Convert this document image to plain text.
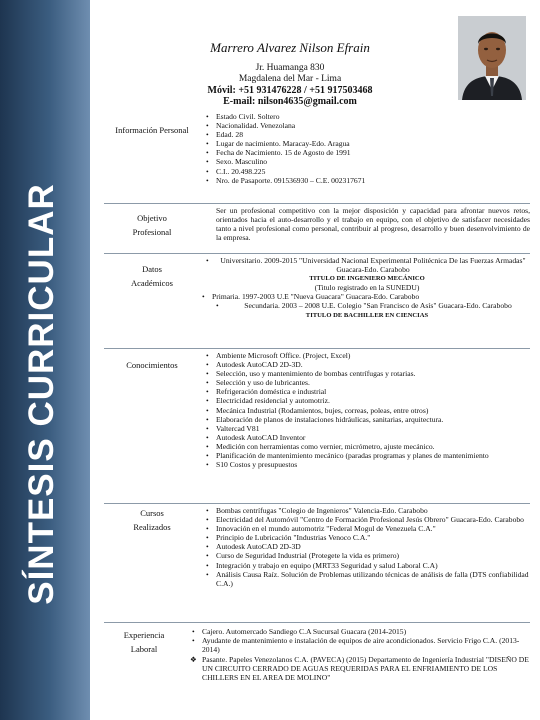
SÍNTESIS CURRICULAR
Marrero Alvarez Nilson Efrain
Jr. Huamanga 830
Magdalena del Mar - Lima
Móvil: +51 931476228 / +51 917503468
E-mail: nilson4635@gmail.com
Información Personal
• Estado Civil. Soltero
• Nacionalidad. Venezolana
• Edad. 28
• Lugar de nacimiento. Maracay-Edo. Aragua
• Fecha de Nacimiento. 15 de Agosto de 1991
• Sexo. Masculino
• C.I.. 20.498.225
• Nro. de Pasaporte. 091536930 – C.E. 002317671
Objetivo
Profesional
Ser un profesional competitivo con la mejor disposición y capacidad para afrontar nuevos retos, orientados hacia el auto-desarrollo y el trabajo en equipo, con el objetivo de satisfacer necesidades tanto a nivel profesional como personal, contribuir al progreso, desarrollo y buen desenvolvimiento de la empresa.
Datos
Académicos
• Universitario. 2009-2015 "Universidad Nacional Experimental Politécnica De las Fuerzas Armadas" Guacara-Edo. Carabobo
TITULO DE INGENIERO MECÁNICO
(Titulo registrado en la SUNEDU)
• Primaria. 1997-2003 U.E "Nueva Guacara" Guacara-Edo. Carabobo
• Secundaria. 2003 – 2008 U.E. Colegio "San Francisco de Asís" Guacara-Edo. Carabobo
TITULO DE BACHILLER EN CIENCIAS
Conocimientos
• Ambiente Microsoft Office. (Project, Excel)
• Autodesk AutoCAD 2D-3D.
• Selección, uso y mantenimiento de bombas centrífugas y rotarias.
• Selección y uso de lubricantes.
• Refrigeración doméstica e industrial
• Electricidad residencial y automotriz.
• Mecánica Industrial (Rodamientos, bujes, correas, poleas, entre otros)
• Elaboración de planos de instalaciones hidráulicas, sanitarias, arquitectura.
• Valtercad V81
• Autodesk AutoCAD Inventor
• Medición con herramientas como vernier, micrómetro, ajuste mecánico.
• Planificación de mantenimiento mecánico (paradas programas y planes de mantenimiento
• S10 Costos y presupuestos
Cursos
Realizados
• Bombas centrífugas "Colegio de Ingenieros" Valencia-Edo. Carabobo
• Electricidad del Automóvil "Centro de Formación Profesional Jesús Obrero" Guacara-Edo. Carabobo
• Innovación en el mundo automotriz "Federal Mogul de Venezuela C.A."
• Principio de Lubricación "Industrias Venoco C.A."
• Autodesk AutoCAD 2D-3D
• Curso de Seguridad Industrial (Protegete la vida es primero)
• Integración y trabajo en equipo (MRT33 Seguridad y salud Laboral C.A)
• Análisis Causa Raíz. Solución de Problemas utilizando técnicas de análisis de falla (DTS confiabilidad C.A.)
Experiencia
Laboral
• Cajero. Automercado Sandiego C.A Sucursal Guacara (2014-2015)
• Ayudante de mantenimiento e instalación de equipos de aire acondicionados. Servicio Frigo C.A. (2013-2014)
❖ Pasante. Papeles Venezolanos C.A. (PAVECA) (2015) Departamento de Ingeniería Industrial "DISEÑO DE UN CIRCUITO CERRADO DE AGUAS REQUERIDAS PARA EL ENFRIAMIENTO DE LOS CHILLERS EN EL AREA DE MOLINO"
